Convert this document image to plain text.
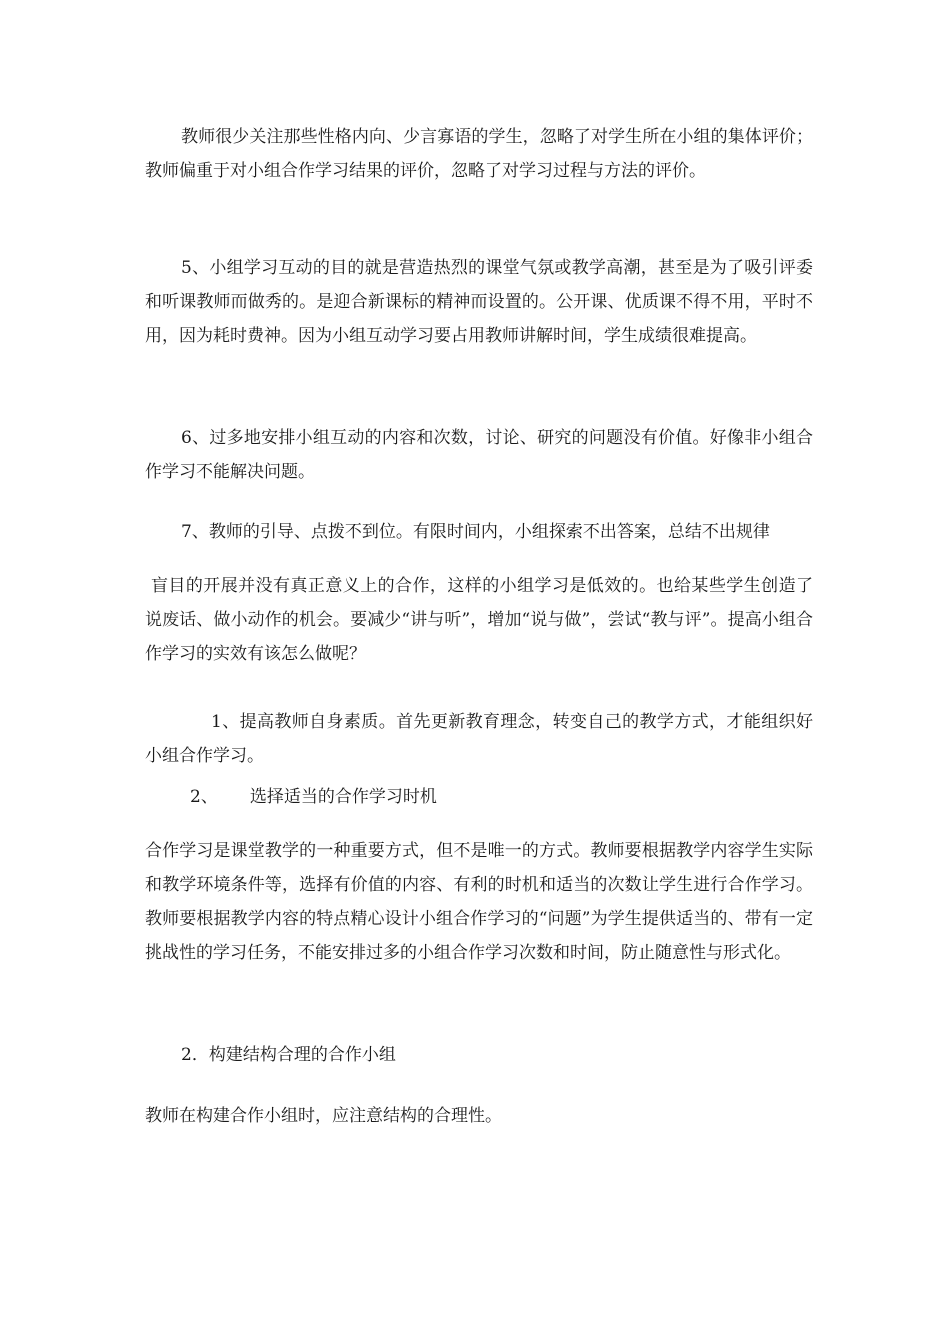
教师很少关注那些性格内向、少言寡语的学生，忽略了对学生所在小组的集体评价；教师偏重于对小组合作学习结果的评价，忽略了对学习过程与方法的评价。

5、小组学习互动的目的就是营造热烈的课堂气氛或教学高潮，甚至是为了吸引评委和听课教师而做秀的。是迎合新课标的精神而设置的。公开课、优质课不得不用，平时不用，因为耗时费神。因为小组互动学习要占用教师讲解时间，学生成绩很难提高。

6、过多地安排小组互动的内容和次数，讨论、研究的问题没有价值。好像非小组合作学习不能解决问题。

7、教师的引导、点拨不到位。有限时间内，小组探索不出答案，总结不出规律

盲目的开展并没有真正意义上的合作，这样的小组学习是低效的。也给某些学生创造了说废话、做小动作的机会。要减少“讲与听”，增加“说与做”，尝试“教与评”。提高小组合作学习的实效有该怎么做呢？

1、提高教师自身素质。首先更新教育理念，转变自己的教学方式，才能组织好小组合作学习。

2、 选择适当的合作学习时机

合作学习是课堂教学的一种重要方式，但不是唯一的方式。教师要根据教学内容学生实际和教学环境条件等，选择有价值的内容、有利的时机和适当的次数让学生进行合作学习。教师要根据教学内容的特点精心设计小组合作学习的“问题”为学生提供适当的、带有一定挑战性的学习任务，不能安排过多的小组合作学习次数和时间，防止随意性与形式化。

2．构建结构合理的合作小组

教师在构建合作小组时，应注意结构的合理性。
